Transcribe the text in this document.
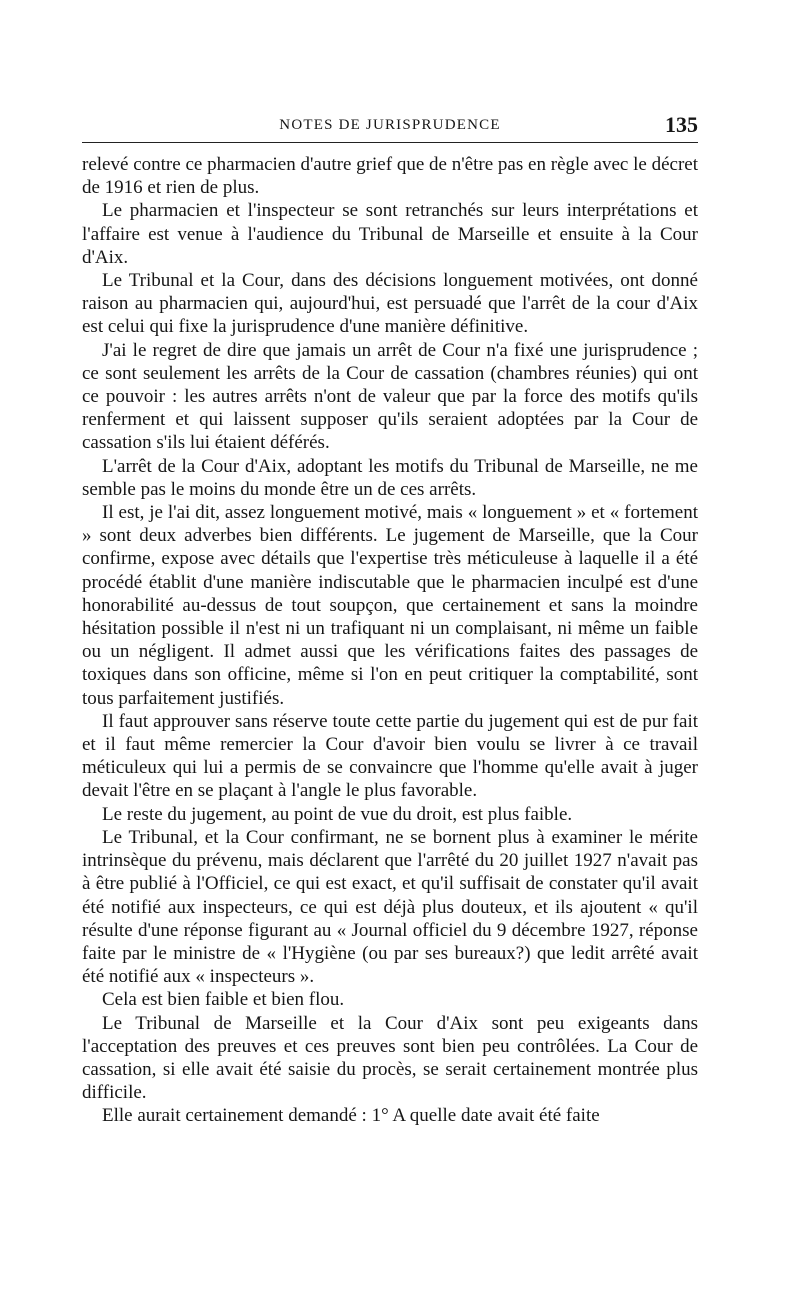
NOTES DE JURISPRUDENCE	135

relevé contre ce pharmacien d'autre grief que de n'être pas en règle avec le décret de 1916 et rien de plus.

Le pharmacien et l'inspecteur se sont retranchés sur leurs interprétations et l'affaire est venue à l'audience du Tribunal de Marseille et ensuite à la Cour d'Aix.

Le Tribunal et la Cour, dans des décisions longuement motivées, ont donné raison au pharmacien qui, aujourd'hui, est persuadé que l'arrêt de la cour d'Aix est celui qui fixe la jurisprudence d'une manière définitive.

J'ai le regret de dire que jamais un arrêt de Cour n'a fixé une jurisprudence ; ce sont seulement les arrêts de la Cour de cassation (chambres réunies) qui ont ce pouvoir : les autres arrêts n'ont de valeur que par la force des motifs qu'ils renferment et qui laissent supposer qu'ils seraient adoptées par la Cour de cassation s'ils lui étaient déférés.

L'arrêt de la Cour d'Aix, adoptant les motifs du Tribunal de Marseille, ne me semble pas le moins du monde être un de ces arrêts.

Il est, je l'ai dit, assez longuement motivé, mais « longuement » et « fortement » sont deux adverbes bien différents. Le jugement de Marseille, que la Cour confirme, expose avec détails que l'expertise très méticuleuse à laquelle il a été procédé établit d'une manière indiscutable que le pharmacien inculpé est d'une honorabilité au-dessus de tout soupçon, que certainement et sans la moindre hésitation possible il n'est ni un trafiquant ni un complaisant, ni même un faible ou un négligent. Il admet aussi que les vérifications faites des passages de toxiques dans son officine, même si l'on en peut critiquer la comptabilité, sont tous parfaitement justifiés.

Il faut approuver sans réserve toute cette partie du jugement qui est de pur fait et il faut même remercier la Cour d'avoir bien voulu se livrer à ce travail méticuleux qui lui a permis de se convaincre que l'homme qu'elle avait à juger devait l'être en se plaçant à l'angle le plus favorable.

Le reste du jugement, au point de vue du droit, est plus faible.

Le Tribunal, et la Cour confirmant, ne se bornent plus à examiner le mérite intrinsèque du prévenu, mais déclarent que l'arrêté du 20 juillet 1927 n'avait pas à être publié à l'Officiel, ce qui est exact, et qu'il suffisait de constater qu'il avait été notifié aux inspecteurs, ce qui est déjà plus douteux, et ils ajoutent « qu'il résulte d'une réponse figurant au « Journal officiel du 9 décembre 1927, réponse faite par le ministre de « l'Hygiène (ou par ses bureaux?) que ledit arrêté avait été notifié aux « inspecteurs ».

Cela est bien faible et bien flou.

Le Tribunal de Marseille et la Cour d'Aix sont peu exigeants dans l'acceptation des preuves et ces preuves sont bien peu contrôlées. La Cour de cassation, si elle avait été saisie du procès, se serait certainement montrée plus difficile.

Elle aurait certainement demandé : 1° A quelle date avait été faite
